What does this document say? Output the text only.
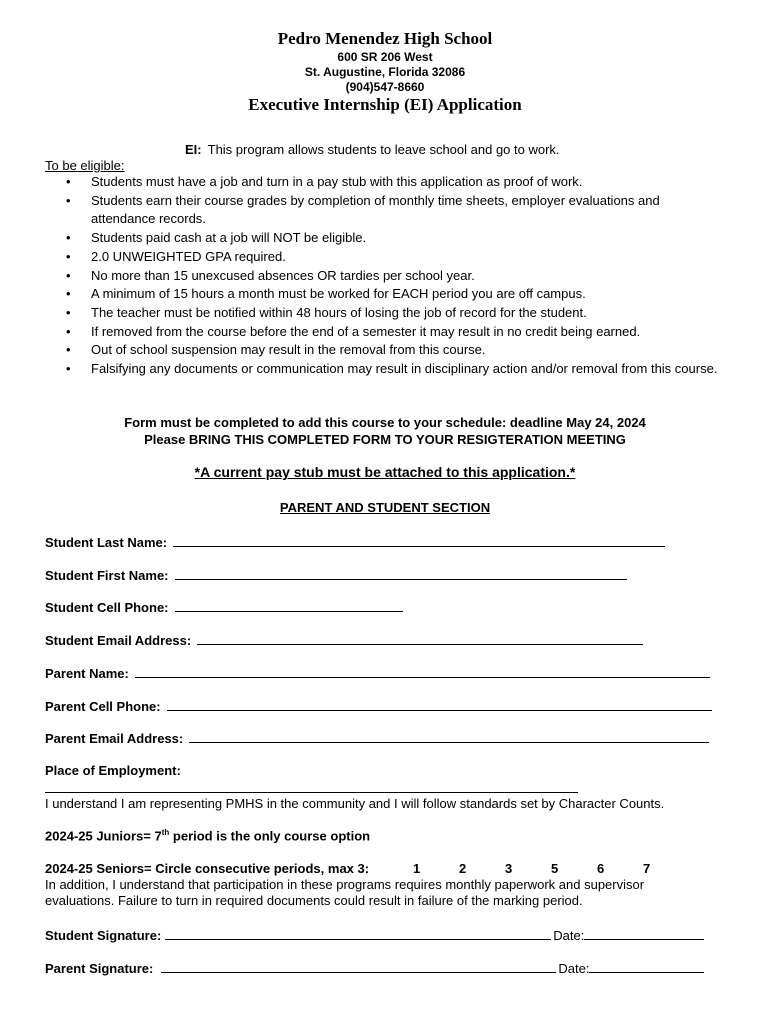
Pedro Menendez High School
600 SR 206 West
St. Augustine, Florida 32086
(904)547-8660
Executive Internship (EI) Application
EI: This program allows students to leave school and go to work.
To be eligible:
• Students must have a job and turn in a pay stub with this application as proof of work.
• Students earn their course grades by completion of monthly time sheets, employer evaluations and attendance records.
• Students paid cash at a job will NOT be eligible.
• 2.0 UNWEIGHTED GPA required.
• No more than 15 unexcused absences OR tardies per school year.
• A minimum of 15 hours a month must be worked for EACH period you are off campus.
• The teacher must be notified within 48 hours of losing the job of record for the student.
• If removed from the course before the end of a semester it may result in no credit being earned.
• Out of school suspension may result in the removal from this course.
• Falsifying any documents or communication may result in disciplinary action and/or removal from this course.
Form must be completed to add this course to your schedule: deadline May 24, 2024
Please BRING THIS COMPLETED FORM TO YOUR RESIGTERATION MEETING
*A current pay stub must be attached to this application.*
PARENT AND STUDENT SECTION
Student Last Name:
Student First Name:
Student Cell Phone:
Student Email Address:
Parent Name:
Parent Cell Phone:
Parent Email Address:
Place of Employment:
I understand I am representing PMHS in the community and I will follow standards set by Character Counts.
2024-25 Juniors= 7th period is the only course option
2024-25 Seniors= Circle consecutive periods, max 3:	1	2	3	5	6	7
In addition, I understand that participation in these programs requires monthly paperwork and supervisor
evaluations. Failure to turn in required documents could result in failure of the marking period.
Student Signature:	Date:
Parent Signature:	Date:
